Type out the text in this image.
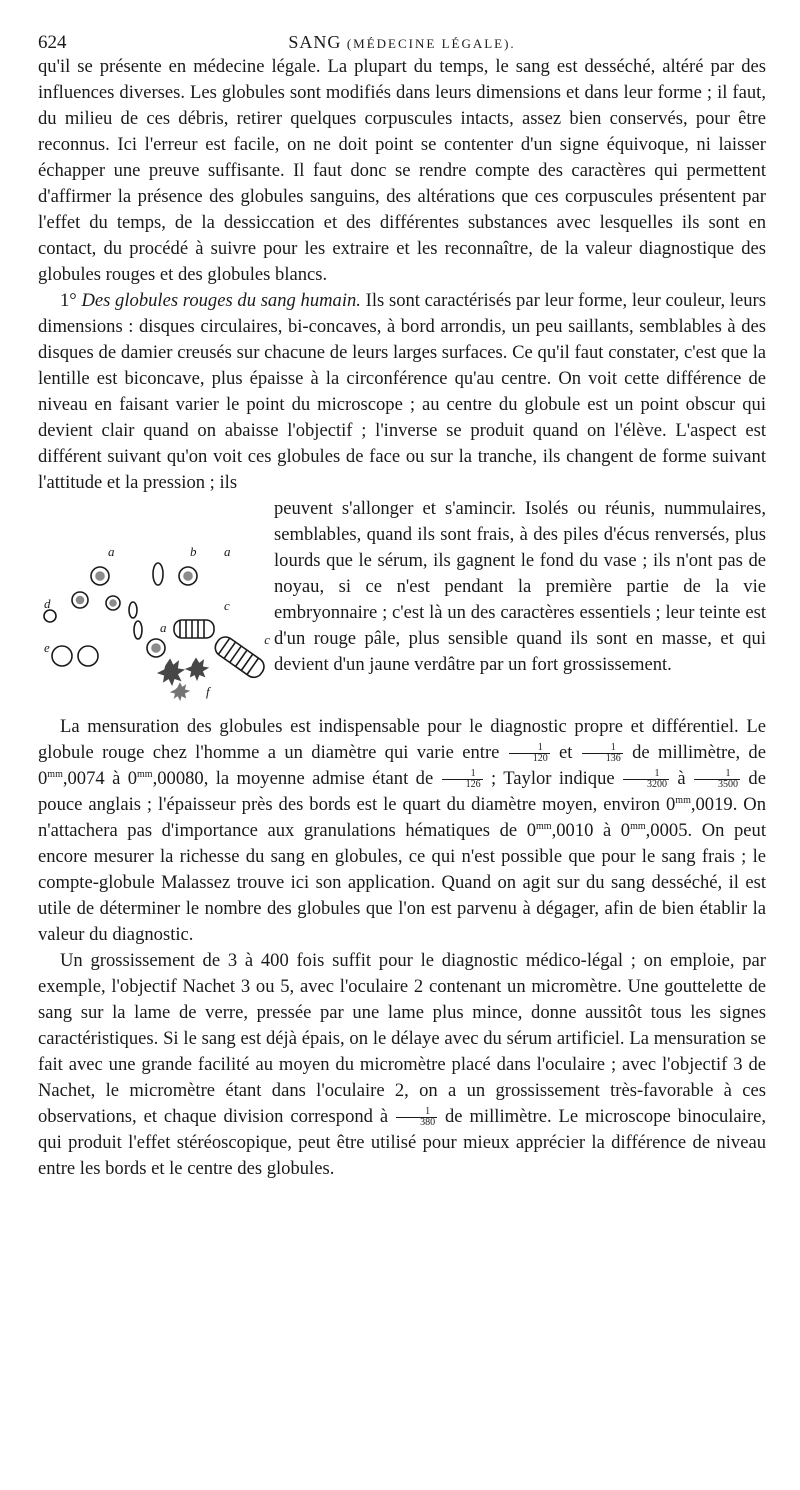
624	SANG (MÉDECINE LÉGALE).

qu'il se présente en médecine légale. La plupart du temps, le sang est desséché, altéré par des influences diverses. Les globules sont modifiés dans leurs dimensions et dans leur forme ; il faut, du milieu de ces débris, retirer quelques corpuscules intacts, assez bien conservés, pour être reconnus. Ici l'erreur est facile, on ne doit point se contenter d'un signe équivoque, ni laisser échapper une preuve suffisante. Il faut donc se rendre compte des caractères qui permettent d'affirmer la présence des globules sanguins, des altérations que ces corpuscules présentent par l'effet du temps, de la dessiccation et des différentes substances avec lesquelles ils sont en contact, du procédé à suivre pour les extraire et les reconnaître, de la valeur diagnostique des globules rouges et des globules blancs.

1° Des globules rouges du sang humain. Ils sont caractérisés par leur forme, leur couleur, leurs dimensions : disques circulaires, bi-concaves, à bord arrondis, un peu saillants, semblables à des disques de damier creusés sur chacune de leurs larges surfaces. Ce qu'il faut constater, c'est que la lentille est biconcave, plus épaisse à la circonférence qu'au centre. On voit cette différence de niveau en faisant varier le point du microscope ; au centre du globule est un point obscur qui devient clair quand on abaisse l'objectif ; l'inverse se produit quand on l'élève. L'aspect est différent suivant qu'on voit ces globules de face ou sur la tranche, ils changent de forme suivant l'attitude et la pression ; ils

a	b a
c
d
e
a
c
f
peuvent s'allonger et s'amincir. Isolés ou réunis, nummulaires, semblables, quand ils sont frais, à des piles d'écus renversés, plus lourds que le sérum, ils gagnent le fond du vase ; ils n'ont pas de noyau, si ce n'est pendant la première partie de la vie embryonnaire ; c'est là un des caractères essentiels ; leur teinte est d'un rouge pâle, plus sensible quand ils sont en masse, et qui devient d'un jaune verdâtre par un fort grossissement.

La mensuration des globules est indispensable pour le diagnostic propre et différentiel. Le globule rouge chez l'homme a un diamètre qui varie entre $\frac{1}{120}$ et $\frac{1}{136}$ de millimètre, de $0^{mm},0074$ à $0^{mm},00080$, la moyenne admise étant de $\frac{1}{126}$ ; Taylor indique $\frac{1}{3200}$ à $\frac{1}{3500}$ de pouce anglais ; l'épaisseur près des bords est le quart du diamètre moyen, environ $0^{mm},0019$. On n'attachera pas d'importance aux granulations hématiques de $0^{mm},0010$ à $0^{mm},0005$. On peut encore mesurer la richesse du sang en globules, ce qui n'est possible que pour le sang frais ; le compte-globule Malassez trouve ici son application. Quand on agit sur du sang desséché, il est utile de déterminer le nombre des globules que l'on est parvenu à dégager, afin de bien établir la valeur du diagnostic.

Un grossissement de 3 à 400 fois suffit pour le diagnostic médico-légal ; on emploie, par exemple, l'objectif Nachet 3 ou 5, avec l'oculaire 2 contenant un micromètre. Une gouttelette de sang sur la lame de verre, pressée par une lame plus mince, donne aussitôt tous les signes caractéristiques. Si le sang est déjà épais, on le délaye avec du sérum artificiel. La mensuration se fait avec une grande facilité au moyen du micromètre placé dans l'oculaire ; avec l'objectif 3 de Nachet, le micromètre étant dans l'oculaire 2, on a un grossissement très-favorable à ces observations, et chaque division correspond à $\frac{1}{380}$ de millimètre. Le microscope binoculaire, qui produit l'effet stéréoscopique, peut être utilisé pour mieux apprécier la différence de niveau entre les bords et le centre des globules.
